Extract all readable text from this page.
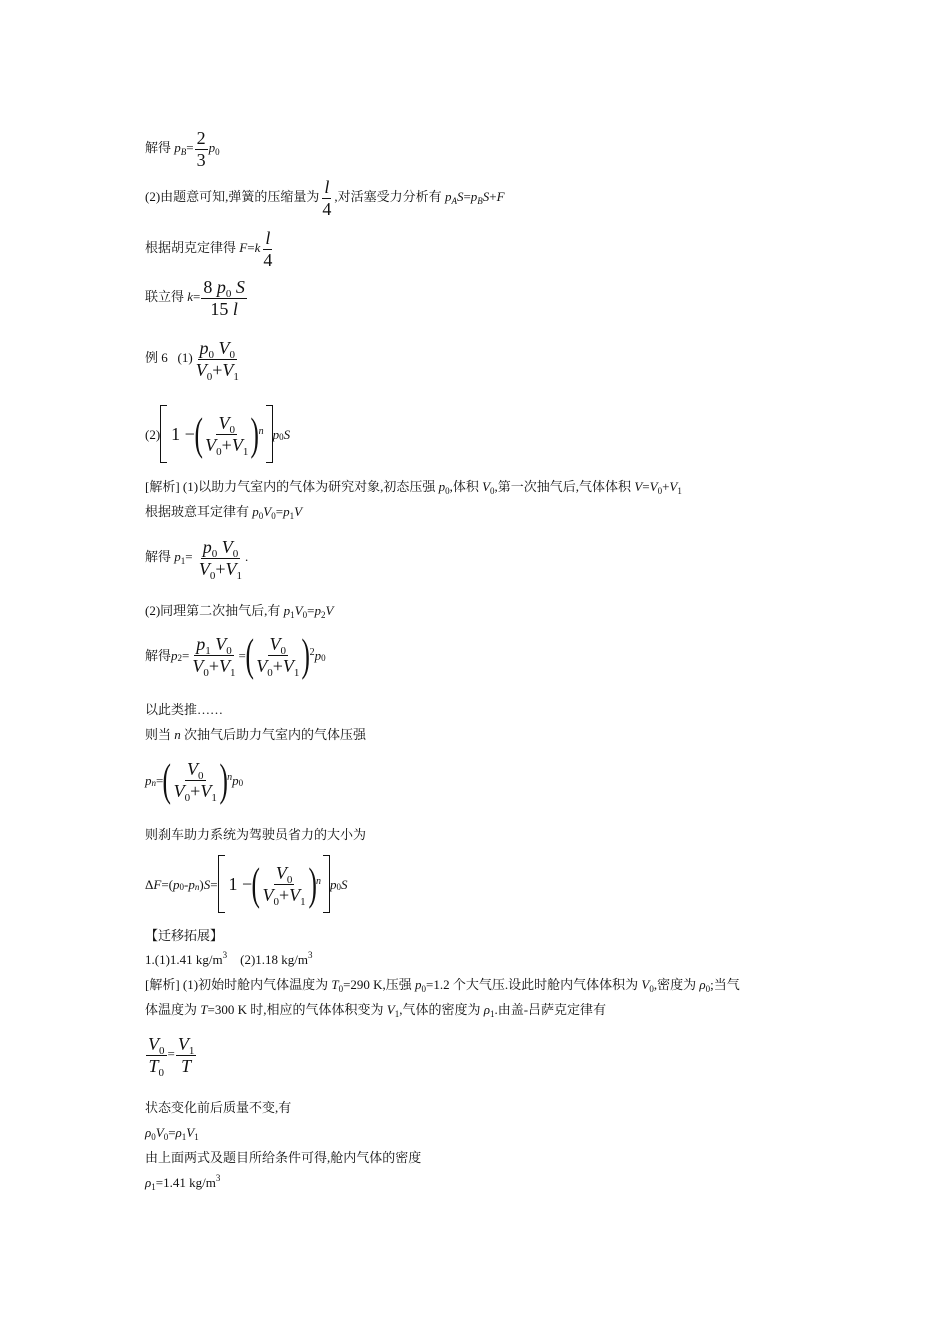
解得 $p_B= \frac{2}{3} p_0$
(2)由题意可知,弹簧的压缩量为 $\frac{l}{4}$ ,对活塞受力分析有 $p_AS=p_BS+F$
根据胡克定律得 $F=k \frac{l}{4}$
联立得 $k= \frac{8 p_0 S}{15 l}$
例 6 $(1) \frac{p_0 V_0}{V_0+V_1}$
(2) 1 − ( $\frac{V_0}{V_0+V_1}$ ) n p 0 S
[解析] (1)以助力气室内的气体为研究对象,初态压强 $p_0$,体积 $V_0$,第一次抽气后,气体体积 $V=V_0+V_1$
根据玻意耳定律有 $p_0V_0=p_1V$
解得 $p_1= \frac{p_0 V_0}{V_0+V_1}$ .
(2)同理第二次抽气后,有 $p_1V_0=p_2V$
解得 p $2 = \frac{p_1 V_0}{V_0+V_1}$ = ( $\frac{V_0}{V_0+V_1}$ ) 2 p 0
以此类推……
则当 n 次抽气后助力气室内的气体压强
p n = ( $\frac{V_0}{V_0+V_1}$ ) n p 0
则刹车助力系统为驾驶员省力的大小为
Δ F =( p 0 - p n ) S = 1 − ( $\frac{V_0}{V_0+V_1}$ ) n p 0 S
【迁移拓展】
1.(1)1.41 $kg/m^3$    (2)1.18 $kg/m^3$
[解析] (1)初始时舱内气体温度为 $T_0=290$ K,压强 $p_0=1.2$ 个大气压.设此时舱内气体体积为 $V_0$,密度为 $\rho_0$;当气
体温度为 T=300 K 时,相应的气体体积变为 $V_1$,气体的密度为 $\rho_1$.由盖-吕萨克定律有
$\frac{V_0}{T_0} = \frac{V_1}{T}$
状态变化前后质量不变,有
$\rho_0V_0=\rho_1V_1$
由上面两式及题目所给条件可得,舱内气体的密度
$\rho_1=1.41$ $kg/m^3$
